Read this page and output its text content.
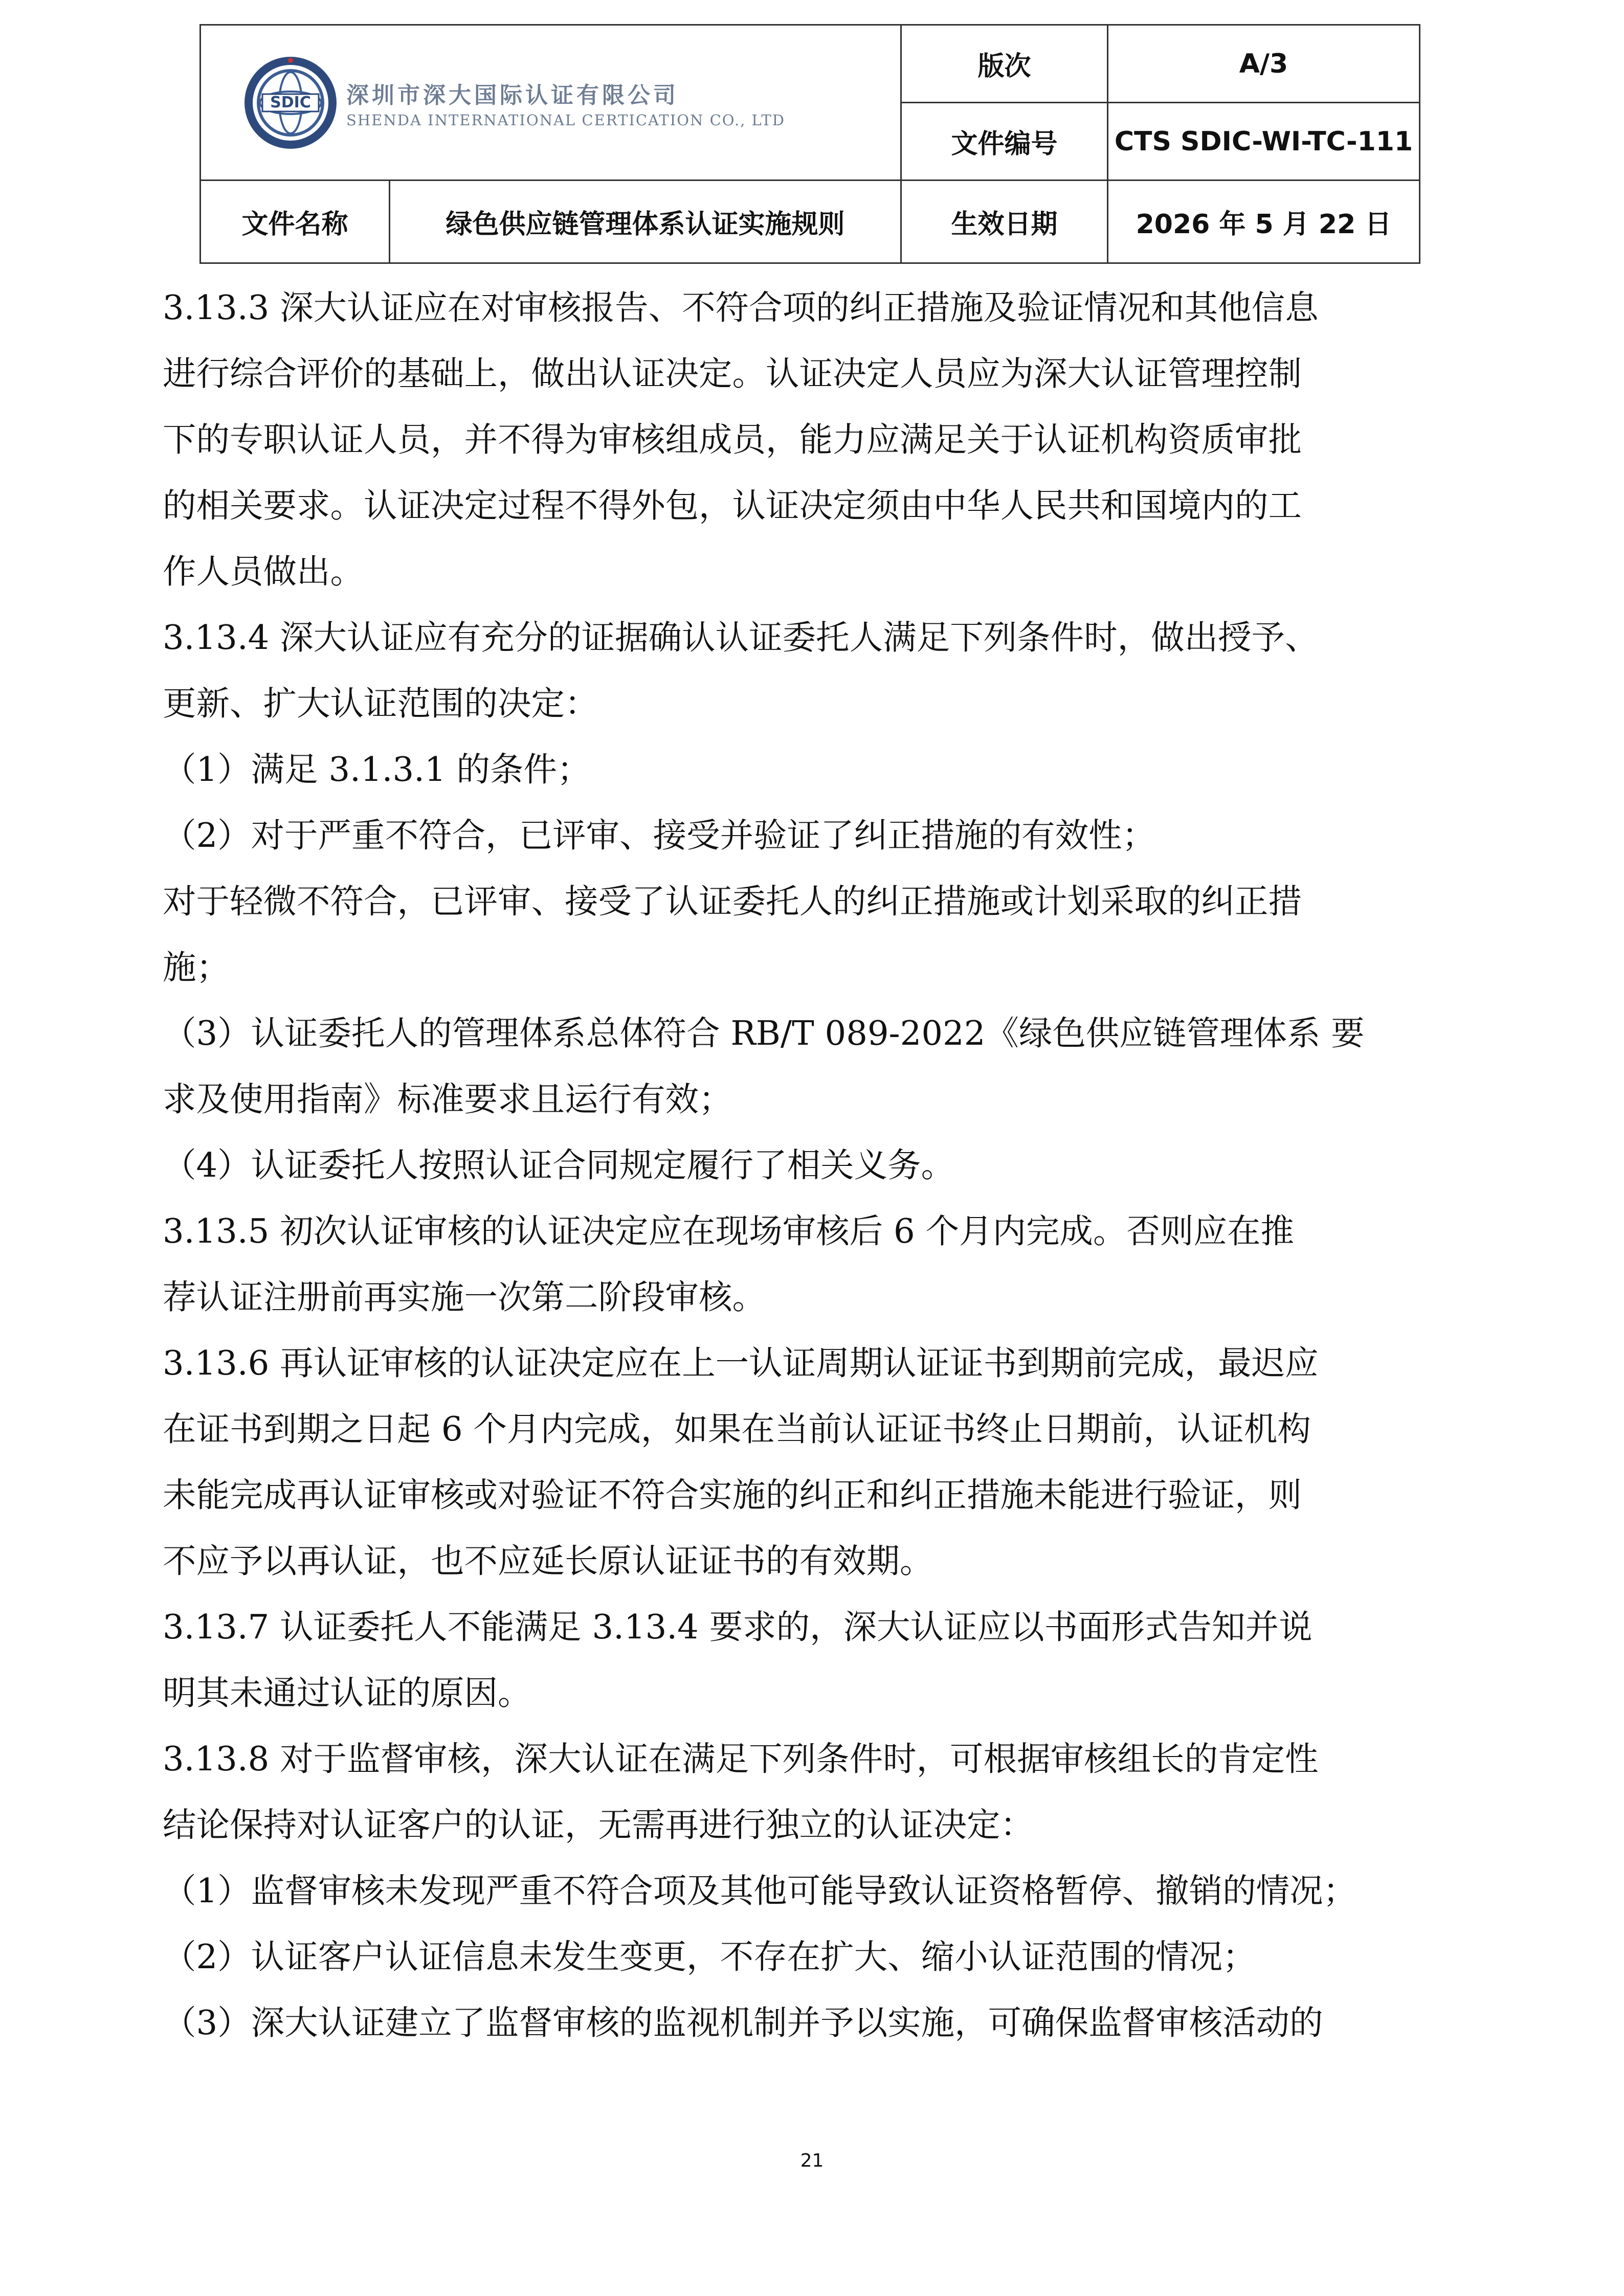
SDIC 深圳市深大国际认证有限公司
SHENDA INTERNATIONAL CERTICATION CO., LTD		版次	A/3
		文件编号	CTS SDIC-WI-TC-111
文件名称	绿色供应链管理体系认证实施规则	生效日期	2026 年 5 月 22 日
3.13.3 深大认证应在对审核报告、不符合项的纠正措施及验证情况和其他信息
进行综合评价的基础上，做出认证决定。认证决定人员应为深大认证管理控制
下的专职认证人员，并不得为审核组成员，能力应满足关于认证机构资质审批
的相关要求。认证决定过程不得外包，认证决定须由中华人民共和国境内的工
作人员做出。
3.13.4 深大认证应有充分的证据确认认证委托人满足下列条件时，做出授予、
更新、扩大认证范围的决定：
（1）满足 3.1.3.1 的条件；
（2）对于严重不符合，已评审、接受并验证了纠正措施的有效性；
对于轻微不符合，已评审、接受了认证委托人的纠正措施或计划采取的纠正措
施；
（3）认证委托人的管理体系总体符合 RB/T 089-2022《绿色供应链管理体系 要
求及使用指南》标准要求且运行有效；
（4）认证委托人按照认证合同规定履行了相关义务。
3.13.5 初次认证审核的认证决定应在现场审核后 6 个月内完成。否则应在推
荐认证注册前再实施一次第二阶段审核。
3.13.6 再认证审核的认证决定应在上一认证周期认证证书到期前完成，最迟应
在证书到期之日起 6 个月内完成，如果在当前认证证书终止日期前，认证机构
未能完成再认证审核或对验证不符合实施的纠正和纠正措施未能进行验证，则
不应予以再认证，也不应延长原认证证书的有效期。
3.13.7 认证委托人不能满足 3.13.4 要求的，深大认证应以书面形式告知并说
明其未通过认证的原因。
3.13.8 对于监督审核，深大认证在满足下列条件时，可根据审核组长的肯定性
结论保持对认证客户的认证，无需再进行独立的认证决定：
（1）监督审核未发现严重不符合项及其他可能导致认证资格暂停、撤销的情况；
（2）认证客户认证信息未发生变更，不存在扩大、缩小认证范围的情况；
（3）深大认证建立了监督审核的监视机制并予以实施，可确保监督审核活动的
21
